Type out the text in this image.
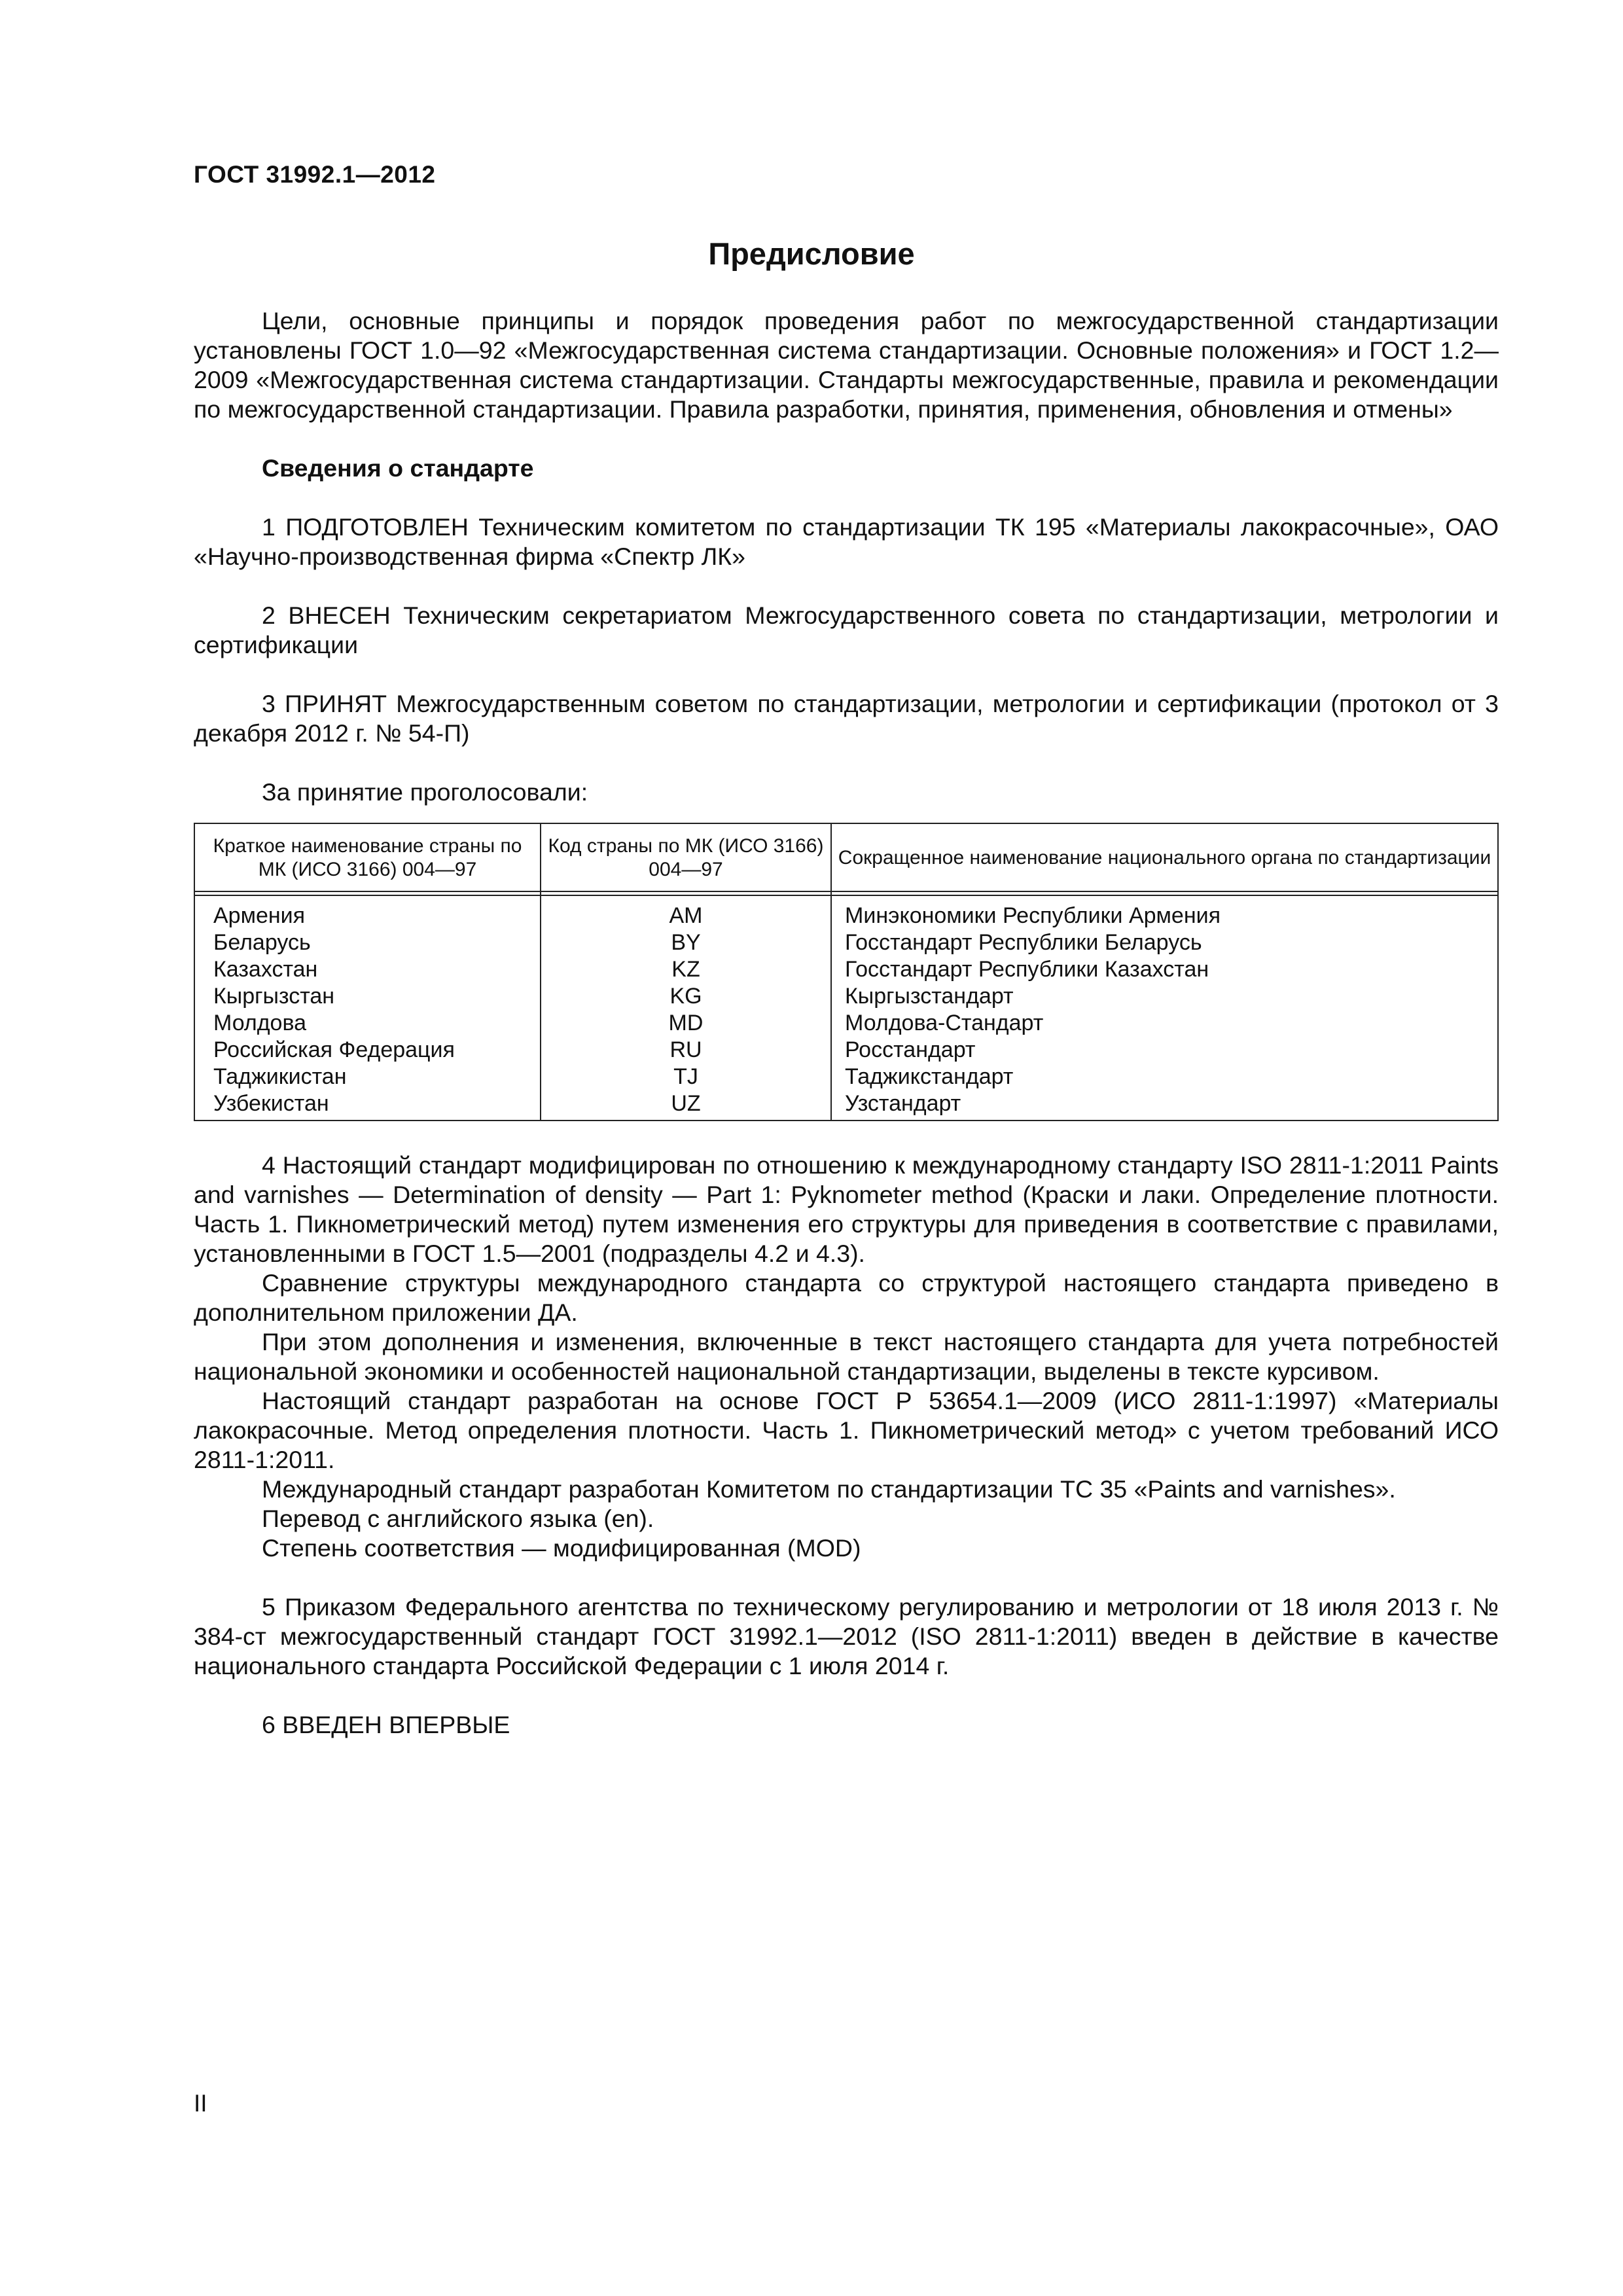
ГОСТ 31992.1—2012
Предисловие

Цели, основные принципы и порядок проведения работ по межгосударственной стандартизации установлены ГОСТ 1.0—92 «Межгосударственная система стандартизации. Основные положения» и ГОСТ 1.2—2009 «Межгосударственная система стандартизации. Стандарты межгосударственные, правила и рекомендации по межгосударственной стандартизации. Правила разработки, принятия, применения, обновления и отмены»

Сведения о стандарте

1 ПОДГОТОВЛЕН Техническим комитетом по стандартизации ТК 195 «Материалы лакокрасочные», ОАО «Научно-производственная фирма «Спектр ЛК»

2 ВНЕСЕН Техническим секретариатом Межгосударственного совета по стандартизации, метрологии и сертификации

3 ПРИНЯТ Межгосударственным советом по стандартизации, метрологии и сертификации (протокол от 3 декабря 2012 г. № 54-П)

За принятие проголосовали:
Краткое наименование страны по МК (ИСО 3166) 004—97	Код страны по МК (ИСО 3166) 004—97	Сокращенное наименование национального органа по стандартизации

Армения	AM	Минэкономики Республики Армения
Беларусь	BY	Госстандарт Республики Беларусь
Казахстан	KZ	Госстандарт Республики Казахстан
Кыргызстан	KG	Кыргызстандарт
Молдова	MD	Молдова-Стандарт
Российская Федерация	RU	Росстандарт
Таджикистан	TJ	Таджикстандарт
Узбекистан	UZ	Узстандарт

4 Настоящий стандарт модифицирован по отношению к международному стандарту ISO 2811-1:2011 Paints and varnishes — Determination of density — Part 1: Pyknometer method (Краски и лаки. Определение плотности. Часть 1. Пикнометрический метод) путем изменения его структуры для приведения в соответствие с правилами, установленными в ГОСТ 1.5—2001 (подразделы 4.2 и 4.3).

Сравнение структуры международного стандарта со структурой настоящего стандарта приведено в дополнительном приложении ДА.

При этом дополнения и изменения, включенные в текст настоящего стандарта для учета потребностей национальной экономики и особенностей национальной стандартизации, выделены в тексте курсивом.

Настоящий стандарт разработан на основе ГОСТ Р 53654.1—2009 (ИСО 2811-1:1997) «Материалы лакокрасочные. Метод определения плотности. Часть 1. Пикнометрический метод» с учетом требований ИСО 2811-1:2011.

Международный стандарт разработан Комитетом по стандартизации ТС 35 «Paints and varnishes».

Перевод с английского языка (en).

Степень соответствия — модифицированная (MOD)

5 Приказом Федерального агентства по техническому регулированию и метрологии от 18 июля 2013 г. № 384-ст межгосударственный стандарт ГОСТ 31992.1—2012 (ISO 2811-1:2011) введен в действие в качестве национального стандарта Российской Федерации с 1 июля 2014 г.

6 ВВЕДЕН ВПЕРВЫЕ

II
